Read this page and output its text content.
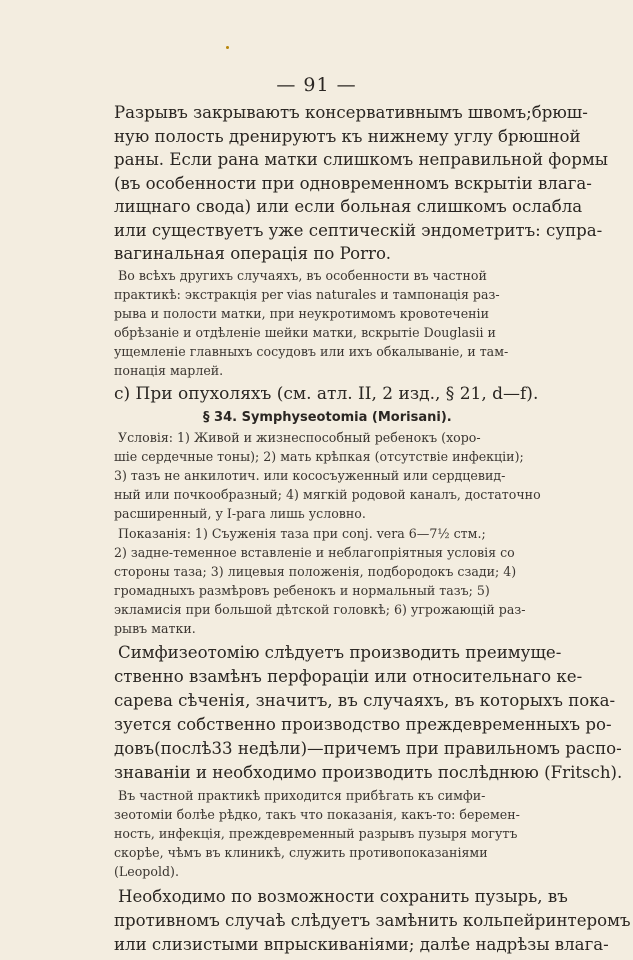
— 91 —
Разрывъ закрываютъ консервативнымъ швомъ;брюш-
ную полость дренируютъ къ нижнему углу брюшной
раны. Если рана матки слишкомъ неправильной формы
(въ особенности при одновременномъ вскрытіи влага-
лищнаго свода) или если больная слишкомъ ослабла
или существуетъ уже септическій эндометритъ: супра-
вагинальная операція по Porro.
Во всѣхъ другихъ случаяхъ, въ особенности въ частной
практикѣ: экстракція per vias naturales и тампонація раз-
рыва и полости матки, при неукротимомъ кровотеченіи
обрѣзаніе и отдѣленіе шейки матки, вскрытіе Douglasii и
ущемленіе главныхъ сосудовъ или ихъ обкалываніе, и там-
понація марлей.
c) При опухоляхъ (см. атл. II, 2 изд., § 21, d—f).
§ 34. Symphyseotomia (Morisani).
Условія: 1) Живой и жизнеспособный ребенокъ (хоро-
шіе сердечные тоны); 2) мать крѣпкая (отсутствіе инфекціи);
3) тазъ не анкилотич. или кососъуженный или сердцевид-
ный или почкообразный; 4) мягкій родовой каналъ, достаточно
расширенный, у I-рага лишь условно.
Показанія: 1) Съуженія таза при conj. vera 6—7½ стм.;
2) задне-теменное вставленіе и неблагопріятныя условія со
стороны таза; 3) лицевыя положенія, подбородокъ сзади; 4)
громадныхъ размѣровъ ребенокъ и нормальный тазъ; 5)
экламисія при большой дѣтской головкѣ; 6) угрожающій раз-
рывъ матки.
Симфизеотомію слѣдуетъ производить преимуще-
ственно взамѣнъ перфораціи или относительнаго ке-
саревa сѣченія, значитъ, въ случаяхъ, въ которыхъ пока-
зуется собственно производство преждевременныхъ ро-
довъ(послѣ33 недѣли)—причемъ при правильномъ распо-
знаваніи и необходимо производить послѣднюю (Fritsch).
Въ частной практикѣ приходится прибѣгать къ симфи-
зеотоміи болѣе рѣдко, такъ что показанія, какъ-то: беремен-
ность, инфекція, преждевременный разрывъ пузыря могутъ
скорѣе, чѣмъ въ клиникѣ, служить противопоказаніями
(Leopold).
Необходимо по возможности сохранить пузырь, въ
противномъ случаѣ слѣдуетъ замѣнить кольпейринтеромъ
или слизистыми впрыскиваніями; далѣе надрѣзы влага-
